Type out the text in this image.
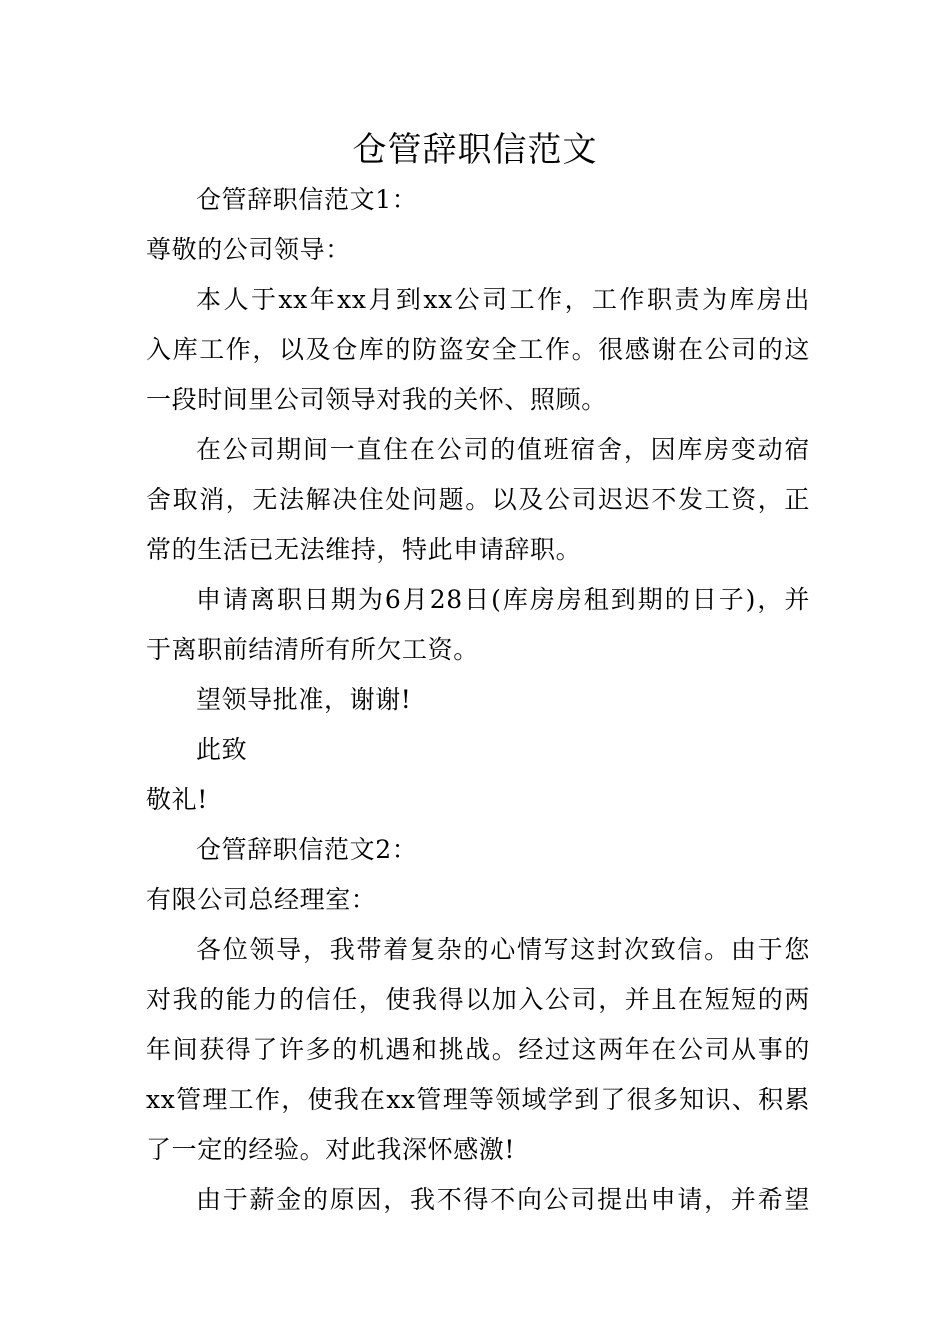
仓管辞职信范文
仓管辞职信范文1：
尊敬的公司领导：
本人于xx年xx月到xx公司工作，工作职责为库房出
入库工作，以及仓库的防盗安全工作。很感谢在公司的这
一段时间里公司领导对我的关怀、照顾。
在公司期间一直住在公司的值班宿舍，因库房变动宿
舍取消，无法解决住处问题。以及公司迟迟不发工资，正
常的生活已无法维持，特此申请辞职。
申请离职日期为6月28日(库房房租到期的日子)，并
于离职前结清所有所欠工资。
望领导批准，谢谢!
此致
敬礼!
仓管辞职信范文2：
有限公司总经理室：
各位领导，我带着复杂的心情写这封次致信。由于您
对我的能力的信任，使我得以加入公司，并且在短短的两
年间获得了许多的机遇和挑战。经过这两年在公司从事的
xx管理工作，使我在xx管理等领域学到了很多知识、积累
了一定的经验。对此我深怀感激!
由于薪金的原因，我不得不向公司提出申请，并希望
